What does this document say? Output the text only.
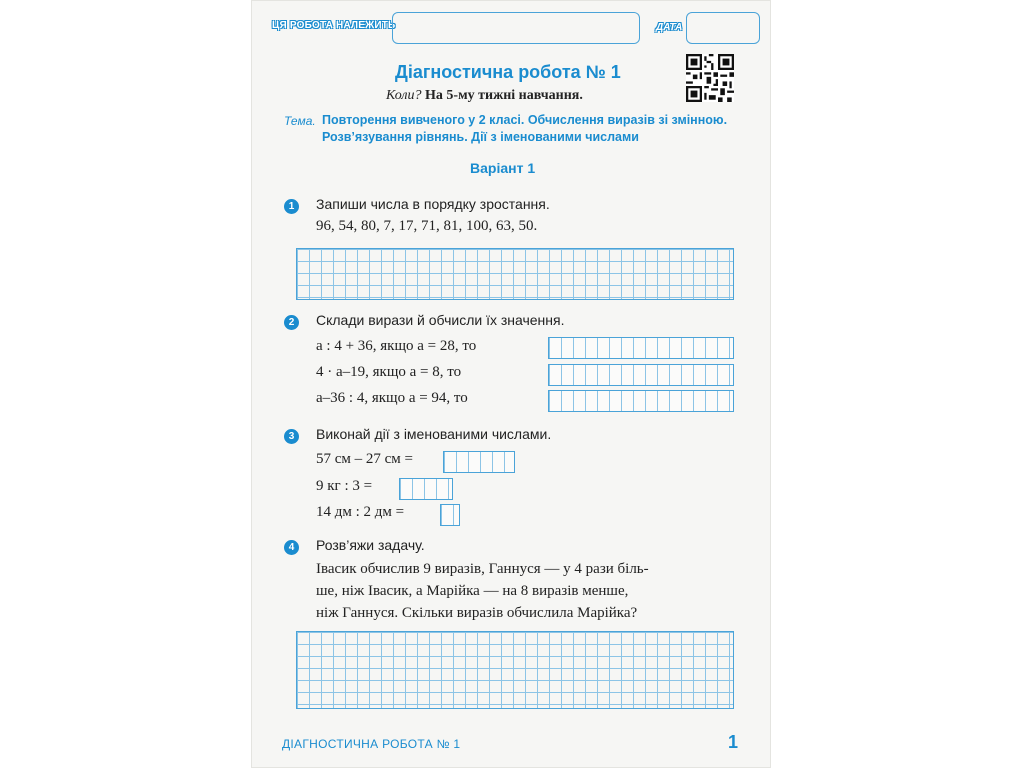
ЦЯ РОБОТА НАЛЕЖИТЬ	ДАТА
Діагностична робота № 1
Коли? На 5-му тижні навчання.
Тема. Повторення вивченого у 2 класі. Обчислення виразів зі змінною. Розв’язування рівнянь. Дії з іменованими числами
Варіант 1
1	Запиши числа в порядку зростання.
96, 54, 80, 7, 17, 71, 81, 100, 63, 50.
2	Склади вирази й обчисли їх значення.
a : 4 + 36, якщо a = 28, то
4 · a–19, якщо a = 8, то
a–36 : 4, якщо a = 94, то
3	Виконай дії з іменованими числами.
57 см – 27 см =
9 кг : 3 =
14 дм : 2 дм =
4	Розв’яжи задачу.
Івасик обчислив 9 виразів, Ганнуся — у 4 рази біль-
ше, ніж Івасик, а Марійка — на 8 виразів менше,
ніж Ганнуся. Скільки виразів обчислила Марійка?
ДІАГНОСТИЧНА РОБОТА № 1	1
